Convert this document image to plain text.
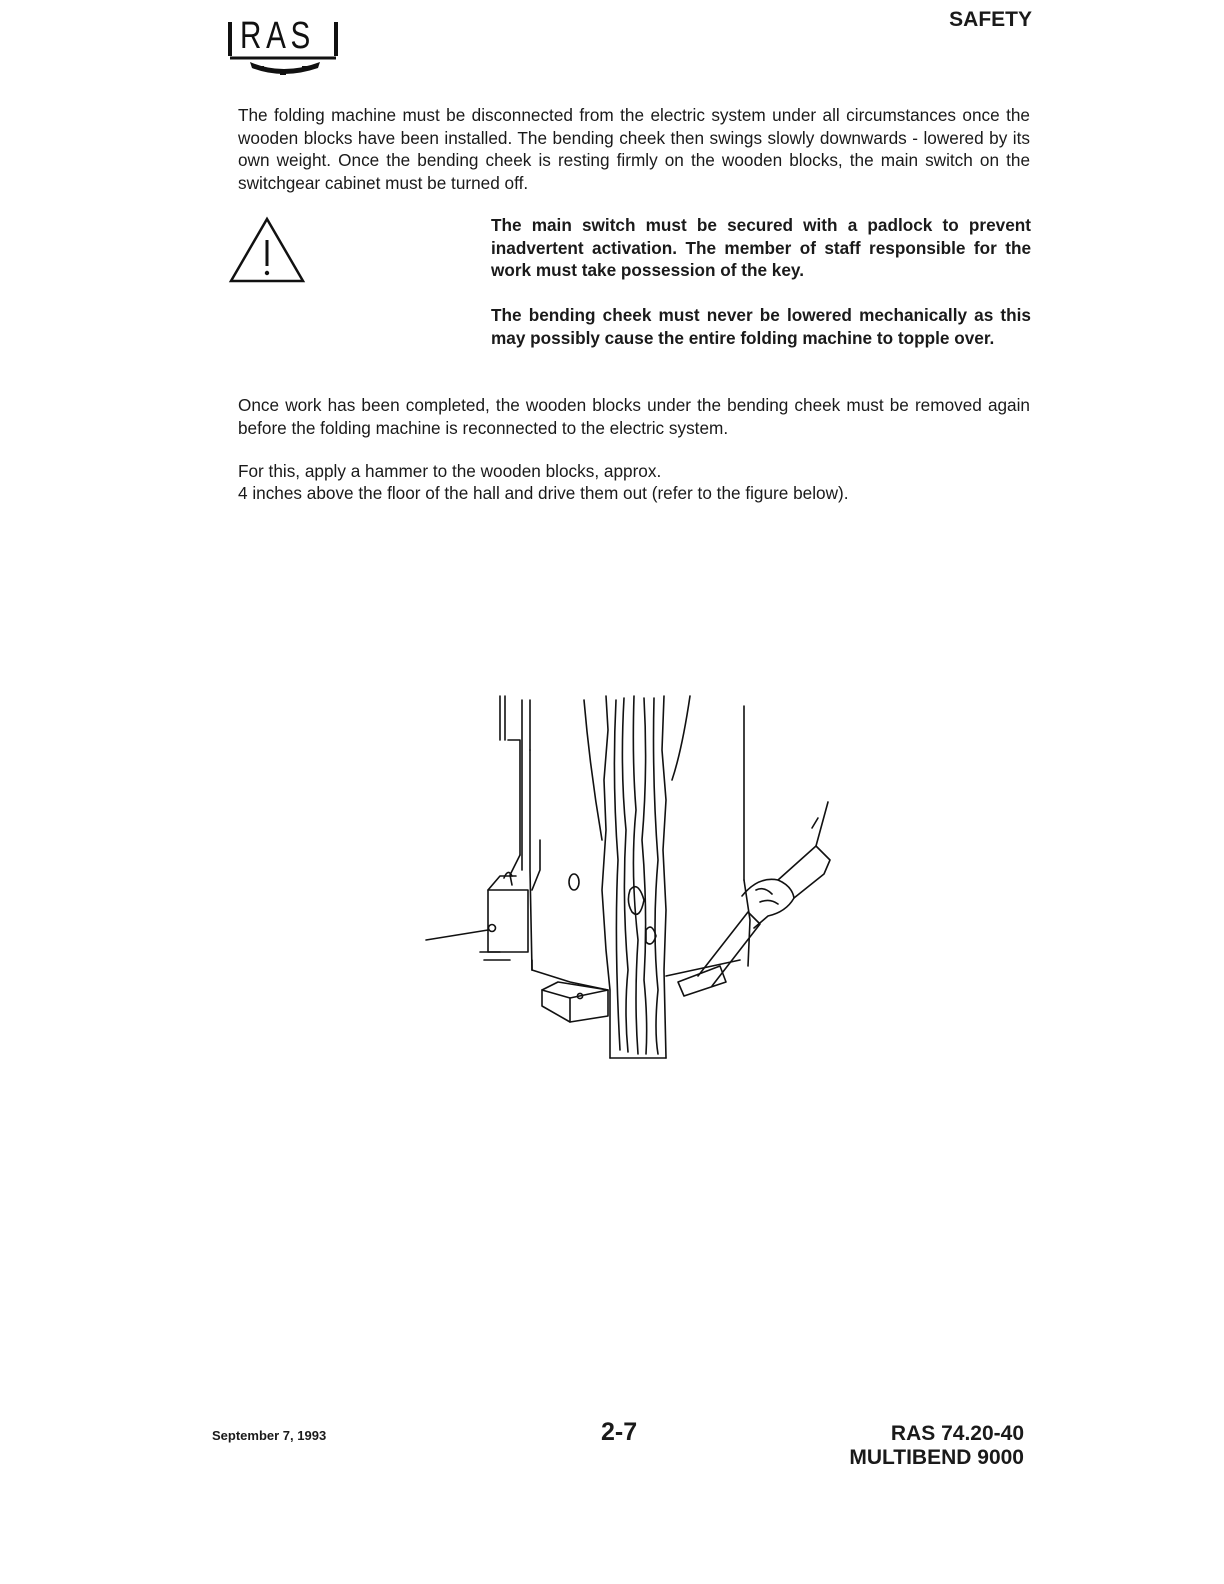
RAS	SAFETY

The folding machine must be disconnected from the electric system under all circumstances once the wooden blocks have been installed. The bending cheek then swings slowly downwards - lowered by its own weight. Once the bending cheek is resting firmly on the wooden blocks, the main switch on the switchgear cabinet must be turned off.

The main switch must be secured with a padlock to prevent inadvertent activation. The member of staff responsible for the work must take possession of the key.

The bending cheek must never be lowered mechanically as this may possibly cause the entire folding machine to topple over.

Once work has been completed, the wooden blocks under the bending cheek must be removed again before the folding machine is reconnected to the electric system.

For this, apply a hammer to the wooden blocks, approx.

4 inches above the floor of the hall and drive them out (refer to the figure below).

0
September 7, 1993	2-7	RAS 74.20-40
MULTIBEND 9000
